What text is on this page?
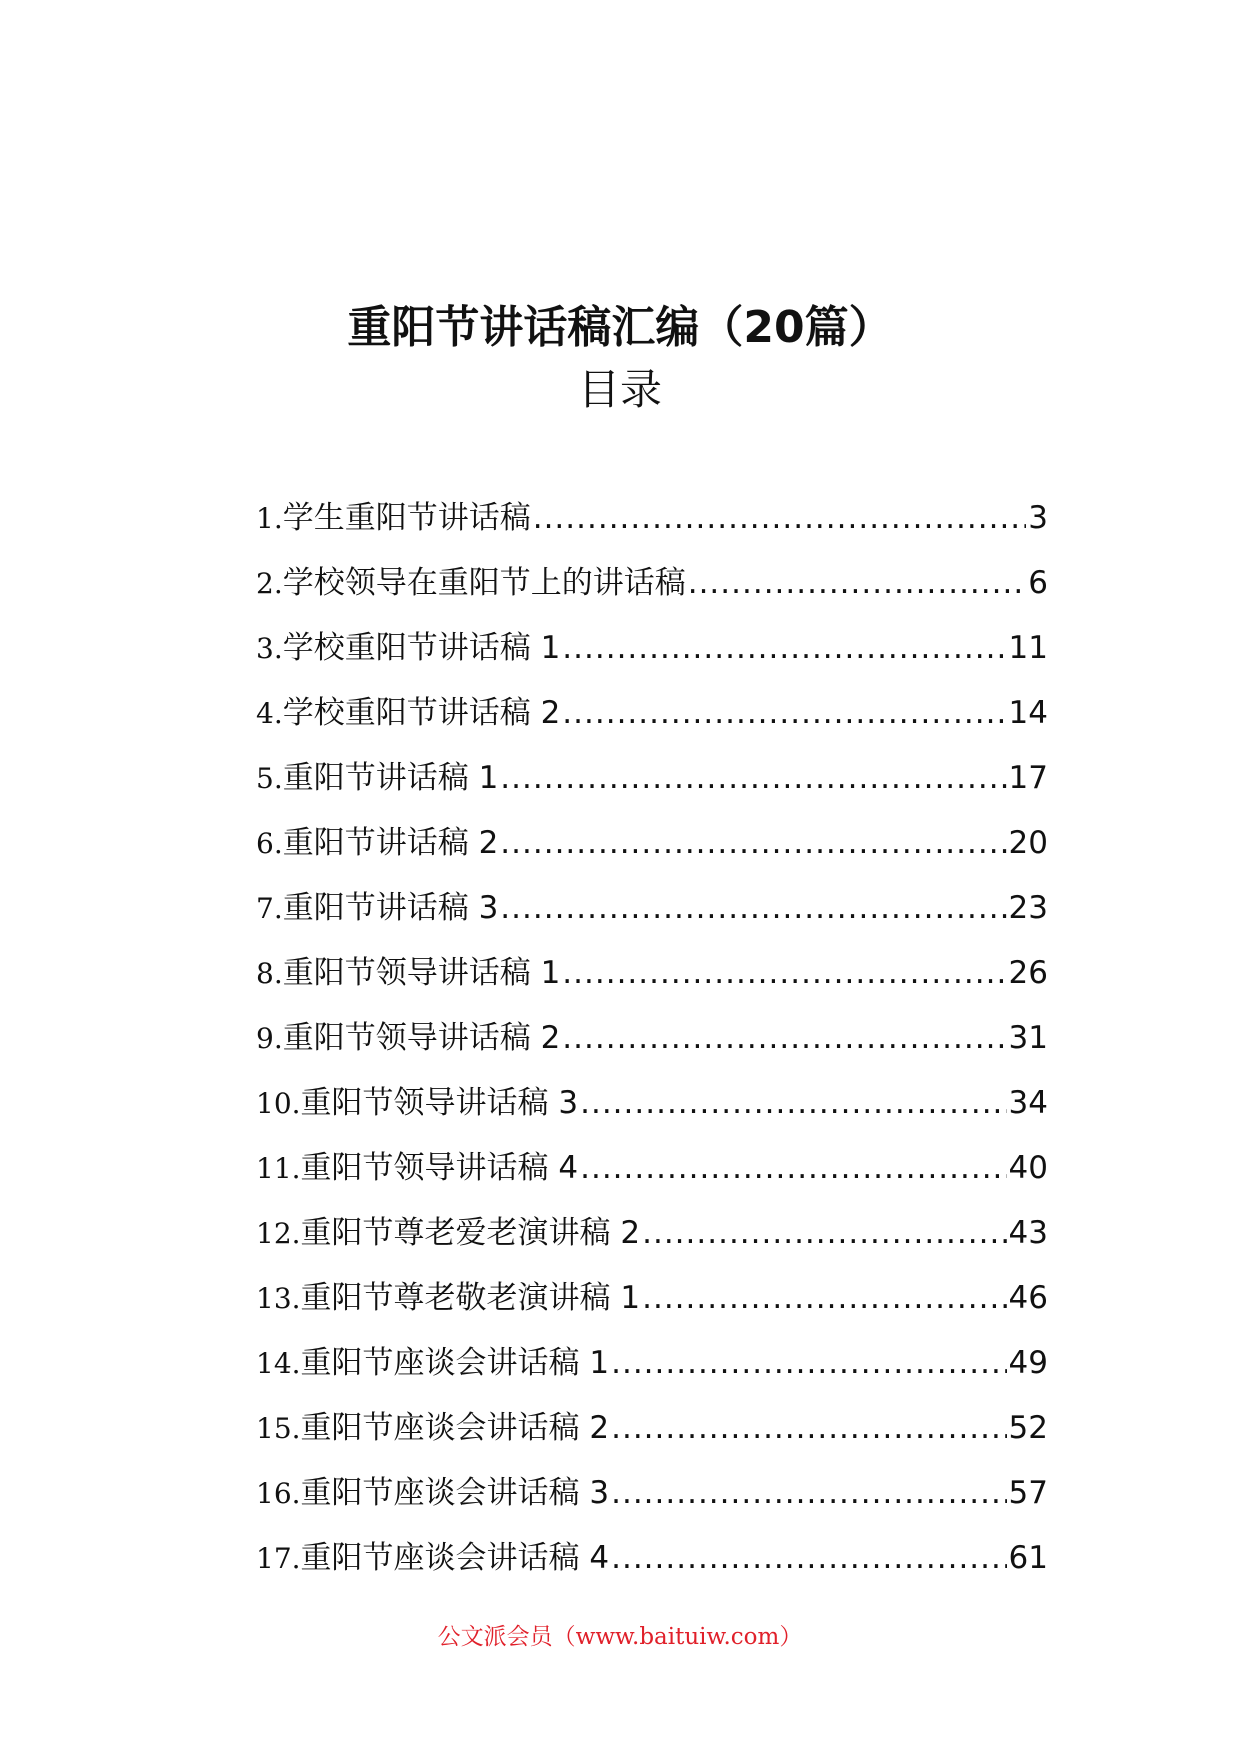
重阳节讲话稿汇编（20篇）
目录
1. 学生重阳节讲话稿 .....	3
2. 学校领导在重阳节上的讲话稿 .....	6
3. 学校重阳节讲话稿 1 .....	11
4. 学校重阳节讲话稿 2 .....	14
5. 重阳节讲话稿 1 .....	17
6. 重阳节讲话稿 2 .....	20
7. 重阳节讲话稿 3 .....	23
8. 重阳节领导讲话稿 1 .....	26
9. 重阳节领导讲话稿 2 .....	31
10. 重阳节领导讲话稿 3 .....	34
11. 重阳节领导讲话稿 4 .....	40
12. 重阳节尊老爱老演讲稿 2 .....	43
13. 重阳节尊老敬老演讲稿 1 .....	46
14. 重阳节座谈会讲话稿 1 .....	49
15. 重阳节座谈会讲话稿 2 .....	52
16. 重阳节座谈会讲话稿 3 .....	57
17. 重阳节座谈会讲话稿 4 .....	61
公文派会员（www.baituiw.com）
